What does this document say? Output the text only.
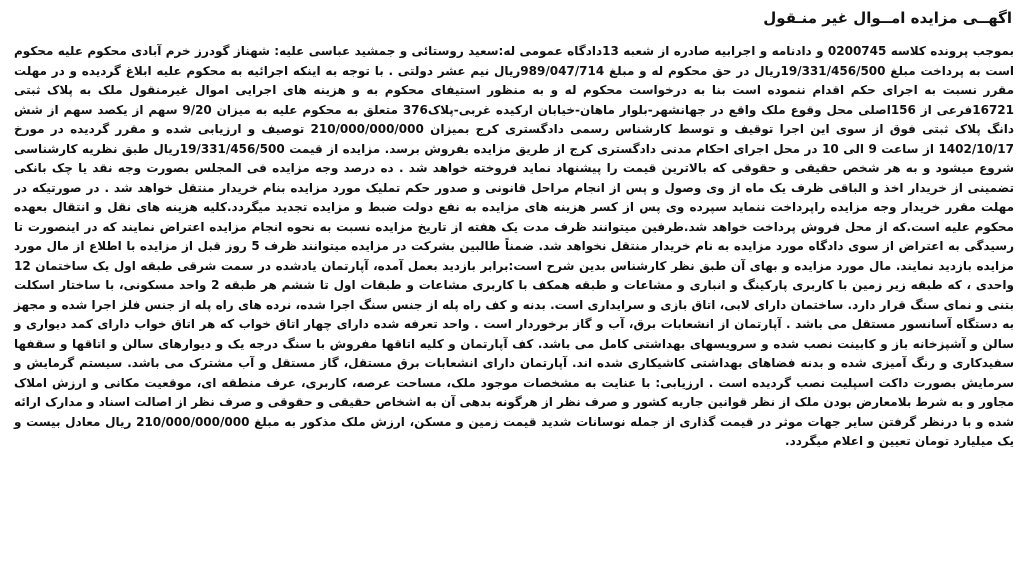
اگهــی مزایده امــوال غیر منـقول

بموجب پرونده کلاسه 0200745 و دادنامه و اجرابیه صادره از شعبه 13دادگاه عمومی له:سعید روستائی و جمشید عباسی علیه: شهناز گودرز خرم آبادی محکوم علیه محکوم است به پرداخت مبلغ 19/331/456/500ریال در حق محکوم له و مبلغ 989/047/714ریال نیم عشر دولتی . با توجه به اینکه اجرائیه به محکوم علیه ابلاغ گردیده و در مهلت مقرر نسبت به اجرای حکم اقدام ننموده است بنا به درخواست محکوم له و به منظور استیفای محکوم به و هزینه های اجرایی اموال غیرمنقول ملک به پلاک ثبتی 16721فرعی از 156اصلی محل وقوع ملک واقع در جهانشهر-بلوار ماهان-خیابان ارکیده غربی-پلاک376 متعلق به محکوم علیه به میزان 9/20 سهم از یکصد سهم از شش دانگ پلاک ثبتی فوق از سوی این اجرا توقیف و توسط کارشناس رسمی دادگستری کرج بمیزان 210/000/000/000 توصیف و ارزیابی شده و مقرر گردیده در مورخ 1402/10/17 از ساعت 9 الی 10 در محل اجرای احکام مدنی دادگستری کرج از طریق مزایده بفروش برسد. مزایده از قیمت 19/331/456/500ریال طبق نظریه کارشناسی شروع میشود و به هر شخص حقیقی و حقوقی که بالاترین قیمت را پیشنهاد نماید فروخته خواهد شد . ده درصد وجه مزایده فی المجلس بصورت وجه نقد یا چک بانکی تضمینی از خریدار اخذ و الباقی ظرف یک ماه از وی وصول و پس از انجام مراحل قانونی و صدور حکم تملیک مورد مزایده بنام خریدار منتقل خواهد شد . در صورتیکه در مهلت مقرر خریدار وجه مزایده راپرداخت ننماید سپرده وی پس از کسر هزینه های مزایده به نفع دولت ضبط و مزایده تجدید میگردد.کلیه هزینه های نقل و انتقال بعهده محکوم علیه است.که از محل فروش پرداخت خواهد شد.طرفین میتوانند ظرف مدت یک هفته از تاریخ مزایده نسبت به نحوه انجام مزایده اعتراض نمایند که در اینصورت تا رسیدگی به اعتراض از سوی دادگاه مورد مزایده به نام خریدار منتقل نخواهد شد. ضمناً طالبین بشرکت در مزایده میتوانند ظرف 5 روز قبل از مزایده با اطلاع از مال مورد مزایده بازدید نمایند. مال مورد مزایده و بهای آن طبق نظر کارشناس بدین شرح است:برابر بازدید بعمل آمده، آپارتمان یادشده در سمت شرقی طبقه اول یک ساختمان 12 واحدی ، که طبقه زیر زمین با کاربری پارکینگ و انباری و مشاعات و طبقه همکف با کاربری مشاعات و طبقات اول تا ششم هر طبقه 2 واحد مسکونی، با ساختار اسکلت بتنی و نمای سنگ قرار دارد. ساختمان دارای لابی، اتاق بازی و سرایداری است. بدنه و کف راه پله از جنس سنگ اجرا شده، نرده های راه پله از جنس فلز اجرا شده و مجهز به دستگاه آسانسور مستقل می باشد . آپارتمان از انشعابات برق، آب و گاز برخوردار است . واحد تعرفه شده دارای چهار اتاق خواب که هر اتاق خواب دارای کمد دیواری و سالن و آشپزخانه باز و کابینت نصب شده و سرویسهای بهداشتی کامل می باشد. کف آپارتمان و کلیه اتاقها مفروش با سنگ درجه یک و دیوارهای سالن و اتاقها و سقفها سفیدکاری و رنگ آمیزی شده و بدنه فضاهای بهداشتی کاشیکاری شده اند. آپارتمان دارای انشعابات برق مستقل، گاز مستقل و آب مشترک می باشد. سیستم گرمایش و سرمایش بصورت داکت اسپلیت نصب گردیده است . ارزیابی: با عنایت به مشخصات موجود ملک، مساحت عرصه، کاربری، عرف منطقه ای، موقعیت مکانی و ارزش املاک مجاور و به شرط بلامعارض بودن ملک از نظر قوانین جاریه کشور و صرف نظر از هرگونه بدهی آن به اشخاص حقیقی و حقوقی و صرف نظر از اصالت اسناد و مدارک ارائه شده و با درنظر گرفتن سایر جهات موثر در قیمت گذاری از جمله نوسانات شدید قیمت زمین و مسکن، ارزش ملک مذکور به مبلغ 210/000/000/000 ریال معادل بیست و یک میلیارد تومان تعیین و اعلام میگردد.
